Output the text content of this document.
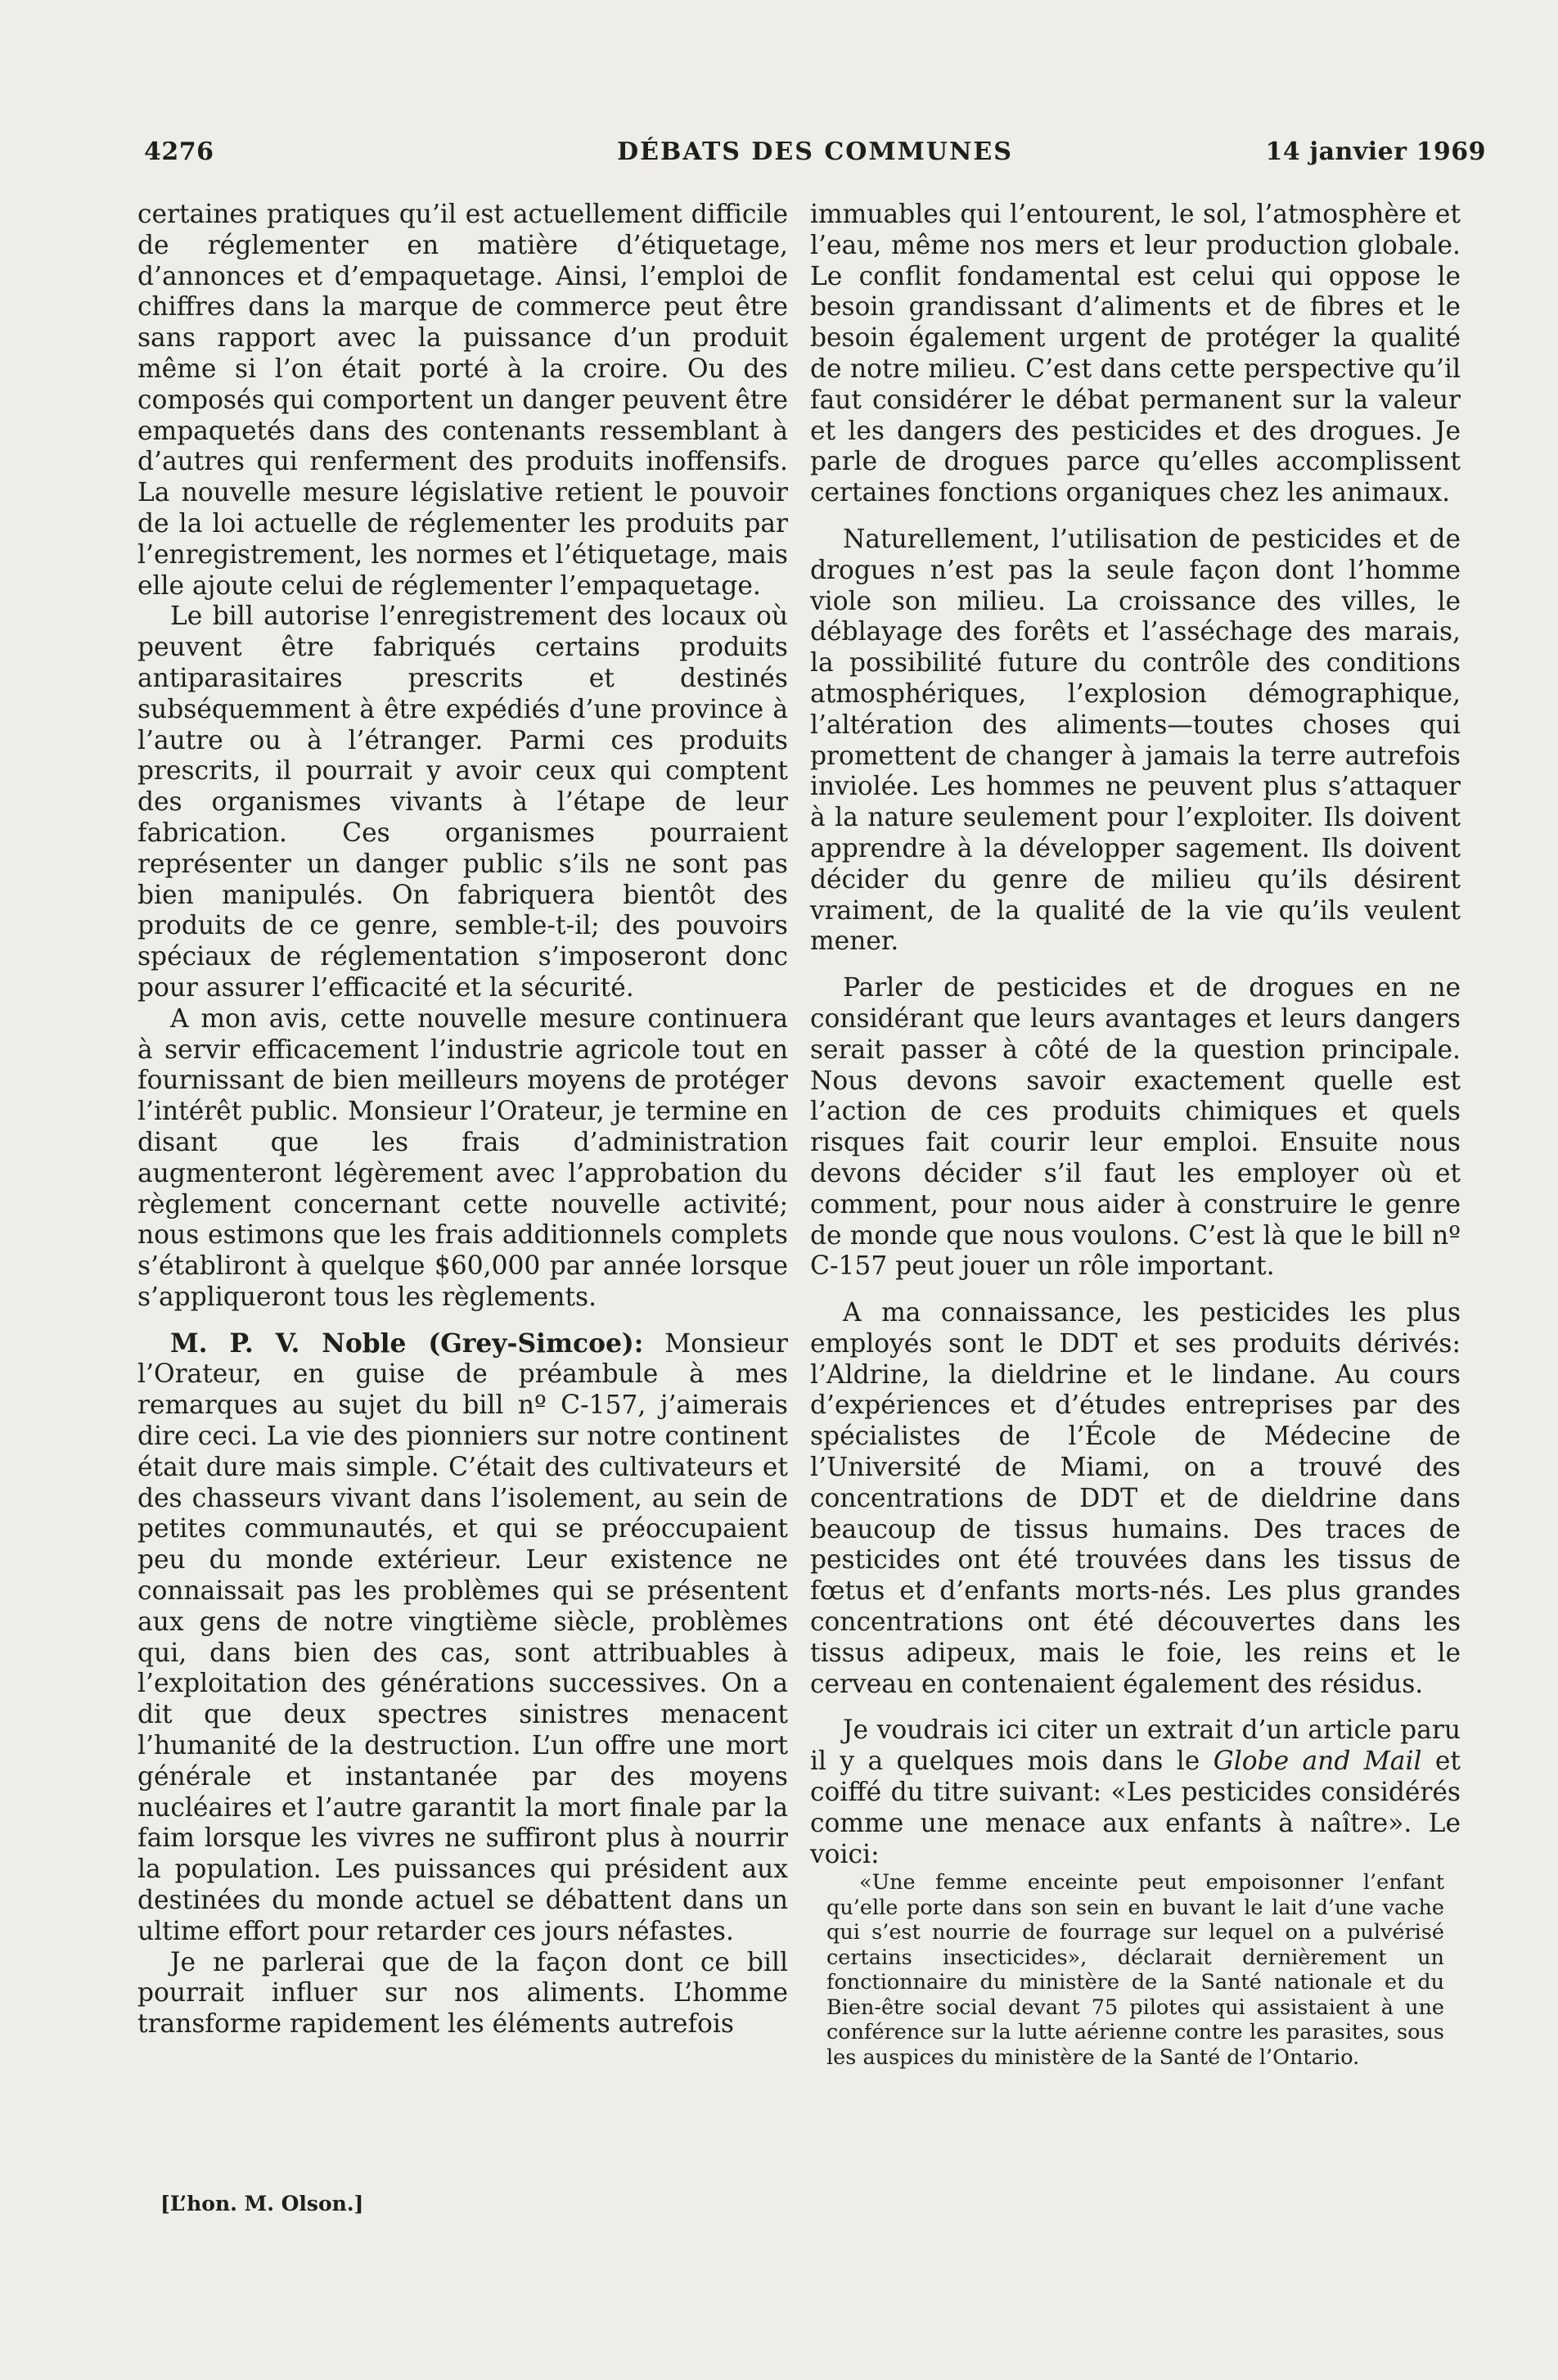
4276	DÉBATS DES COMMUNES	14 janvier 1969

certaines pratiques qu’il est actuellement difficile de réglementer en matière d’étiquetage, d’annonces et d’empaquetage. Ainsi, l’emploi de chiffres dans la marque de commerce peut être sans rapport avec la puissance d’un produit même si l’on était porté à la croire. Ou des composés qui comportent un danger peuvent être empaquetés dans des contenants ressemblant à d’autres qui renferment des produits inoffensifs. La nouvelle mesure législative retient le pouvoir de la loi actuelle de réglementer les produits par l’enregistrement, les normes et l’étiquetage, mais elle ajoute celui de réglementer l’empaquetage.

Le bill autorise l’enregistrement des locaux où peuvent être fabriqués certains produits antiparasitaires prescrits et destinés subséquemment à être expédiés d’une province à l’autre ou à l’étranger. Parmi ces produits prescrits, il pourrait y avoir ceux qui comptent des organismes vivants à l’étape de leur fabrication. Ces organismes pourraient représenter un danger public s’ils ne sont pas bien manipulés. On fabriquera bientôt des produits de ce genre, semble-t-il; des pouvoirs spéciaux de réglementation s’imposeront donc pour assurer l’efficacité et la sécurité.

A mon avis, cette nouvelle mesure continuera à servir efficacement l’industrie agricole tout en fournissant de bien meilleurs moyens de protéger l’intérêt public. Monsieur l’Orateur, je termine en disant que les frais d’administration augmenteront légèrement avec l’approbation du règlement concernant cette nouvelle activité; nous estimons que les frais additionnels complets s’établiront à quelque $60,000 par année lorsque s’appliqueront tous les règlements.

M. P. V. Noble (Grey-Simcoe): Monsieur l’Orateur, en guise de préambule à mes remarques au sujet du bill nº C-157, j’aimerais dire ceci. La vie des pionniers sur notre continent était dure mais simple. C’était des cultivateurs et des chasseurs vivant dans l’isolement, au sein de petites communautés, et qui se préoccupaient peu du monde extérieur. Leur existence ne connaissait pas les problèmes qui se présentent aux gens de notre vingtième siècle, problèmes qui, dans bien des cas, sont attribuables à l’exploitation des générations successives. On a dit que deux spectres sinistres menacent l’humanité de la destruction. L’un offre une mort générale et instantanée par des moyens nucléaires et l’autre garantit la mort finale par la faim lorsque les vivres ne suffiront plus à nourrir la population. Les puissances qui président aux destinées du monde actuel se débattent dans un ultime effort pour retarder ces jours néfastes.

Je ne parlerai que de la façon dont ce bill pourrait influer sur nos aliments. L’homme transforme rapidement les éléments autrefois

immuables qui l’entourent, le sol, l’atmosphère et l’eau, même nos mers et leur production globale. Le conflit fondamental est celui qui oppose le besoin grandissant d’aliments et de fibres et le besoin également urgent de protéger la qualité de notre milieu. C’est dans cette perspective qu’il faut considérer le débat permanent sur la valeur et les dangers des pesticides et des drogues. Je parle de drogues parce qu’elles accomplissent certaines fonctions organiques chez les animaux.

Naturellement, l’utilisation de pesticides et de drogues n’est pas la seule façon dont l’homme viole son milieu. La croissance des villes, le déblayage des forêts et l’asséchage des marais, la possibilité future du contrôle des conditions atmosphériques, l’explosion démographique, l’altération des aliments—toutes choses qui promettent de changer à jamais la terre autrefois inviolée. Les hommes ne peuvent plus s’attaquer à la nature seulement pour l’exploiter. Ils doivent apprendre à la développer sagement. Ils doivent décider du genre de milieu qu’ils désirent vraiment, de la qualité de la vie qu’ils veulent mener.

Parler de pesticides et de drogues en ne considérant que leurs avantages et leurs dangers serait passer à côté de la question principale. Nous devons savoir exactement quelle est l’action de ces produits chimiques et quels risques fait courir leur emploi. Ensuite nous devons décider s’il faut les employer où et comment, pour nous aider à construire le genre de monde que nous voulons. C’est là que le bill nº C-157 peut jouer un rôle important.

A ma connaissance, les pesticides les plus employés sont le DDT et ses produits dérivés: l’Aldrine, la dieldrine et le lindane. Au cours d’expériences et d’études entreprises par des spécialistes de l’École de Médecine de l’Université de Miami, on a trouvé des concentrations de DDT et de dieldrine dans beaucoup de tissus humains. Des traces de pesticides ont été trouvées dans les tissus de fœtus et d’enfants morts-nés. Les plus grandes concentrations ont été découvertes dans les tissus adipeux, mais le foie, les reins et le cerveau en contenaient également des résidus.

Je voudrais ici citer un extrait d’un article paru il y a quelques mois dans le Globe and Mail et coiffé du titre suivant: «Les pesticides considérés comme une menace aux enfants à naître». Le voici:

«Une femme enceinte peut empoisonner l’enfant qu’elle porte dans son sein en buvant le lait d’une vache qui s’est nourrie de fourrage sur lequel on a pulvérisé certains insecticides», déclarait dernièrement un fonctionnaire du ministère de la Santé nationale et du Bien-être social devant 75 pilotes qui assistaient à une conférence sur la lutte aérienne contre les parasites, sous les auspices du ministère de la Santé de l’Ontario.

[L’hon. M. Olson.]
